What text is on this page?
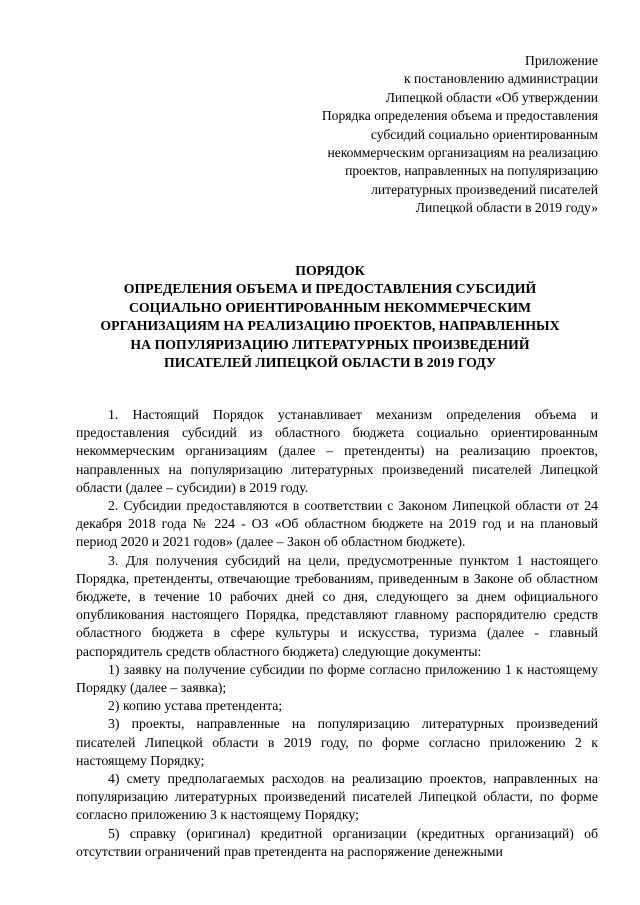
Приложение
к постановлению администрации
Липецкой области «Об утверждении
Порядка определения объема и предоставления
субсидий социально ориентированным
некоммерческим организациям на реализацию
проектов, направленных на популяризацию
литературных произведений писателей
Липецкой области в 2019 году»
ПОРЯДОК
ОПРЕДЕЛЕНИЯ ОБЪЕМА И ПРЕДОСТАВЛЕНИЯ СУБСИДИЙ
СОЦИАЛЬНО ОРИЕНТИРОВАННЫМ НЕКОММЕРЧЕСКИМ
ОРГАНИЗАЦИЯМ НА РЕАЛИЗАЦИЮ ПРОЕКТОВ, НАПРАВЛЕННЫХ
НА ПОПУЛЯРИЗАЦИЮ ЛИТЕРАТУРНЫХ ПРОИЗВЕДЕНИЙ
ПИСАТЕЛЕЙ ЛИПЕЦКОЙ ОБЛАСТИ В 2019 ГОДУ

1. Настоящий Порядок устанавливает механизм определения объема и предоставления субсидий из областного бюджета социально ориентированным некоммерческим организациям (далее – претенденты) на реализацию проектов, направленных на популяризацию литературных произведений писателей Липецкой области (далее – субсидии) в 2019 году.

2. Субсидии предоставляются в соответствии с Законом Липецкой области от 24 декабря 2018 года № 224 - ОЗ «Об областном бюджете на 2019 год и на плановый период 2020 и 2021 годов» (далее – Закон об областном бюджете).

3. Для получения субсидий на цели, предусмотренные пунктом 1 настоящего Порядка, претенденты, отвечающие требованиям, приведенным в Законе об областном бюджете, в течение 10 рабочих дней со дня, следующего за днем официального опубликования настоящего Порядка, представляют главному распорядителю средств областного бюджета в сфере культуры и искусства, туризма (далее - главный распорядитель средств областного бюджета) следующие документы:

1) заявку на получение субсидии по форме согласно приложению 1 к настоящему Порядку (далее – заявка);

2) копию устава претендента;

3) проекты, направленные на популяризацию литературных произведений писателей Липецкой области в 2019 году, по форме согласно приложению 2 к настоящему Порядку;

4) смету предполагаемых расходов на реализацию проектов, направленных на популяризацию литературных произведений писателей Липецкой области, по форме согласно приложению 3 к настоящему Порядку;

5) справку (оригинал) кредитной организации (кредитных организаций) об отсутствии ограничений прав претендента на распоряжение денежными
